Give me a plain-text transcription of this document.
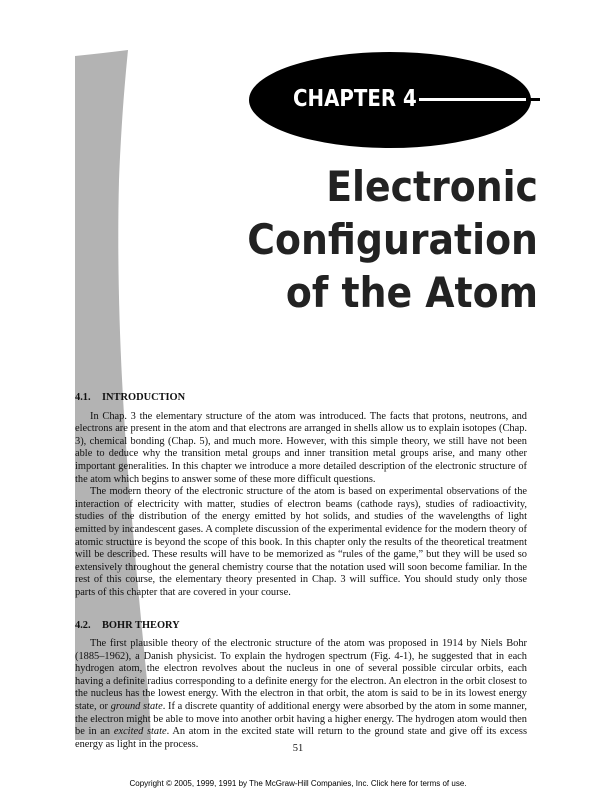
CHAPTER 4
Electronic
Configuration
of the Atom
4.1. INTRODUCTION

In Chap. 3 the elementary structure of the atom was introduced. The facts that protons, neutrons, and electrons are present in the atom and that electrons are arranged in shells allow us to explain isotopes (Chap. 3), chemical bonding (Chap. 5), and much more. However, with this simple theory, we still have not been able to deduce why the transition metal groups and inner transition metal groups arise, and many other important generalities. In this chapter we introduce a more detailed description of the electronic structure of the atom which begins to answer some of these more difficult questions.

The modern theory of the electronic structure of the atom is based on experimental observations of the interaction of electricity with matter, studies of electron beams (cathode rays), studies of radioactivity, studies of the distribution of the energy emitted by hot solids, and studies of the wavelengths of light emitted by incandescent gases. A complete discussion of the experimental evidence for the modern theory of atomic structure is beyond the scope of this book. In this chapter only the results of the theoretical treatment will be described. These results will have to be memorized as “rules of the game,” but they will be used so extensively throughout the general chemistry course that the notation used will soon become familiar. In the rest of this course, the elementary theory presented in Chap. 3 will suffice. You should study only those parts of this chapter that are covered in your course.

4.2. BOHR THEORY

The first plausible theory of the electronic structure of the atom was proposed in 1914 by Niels Bohr (1885–1962), a Danish physicist. To explain the hydrogen spectrum (Fig. 4-1), he suggested that in each hydrogen atom, the electron revolves about the nucleus in one of several possible circular orbits, each having a definite radius corresponding to a definite energy for the electron. An electron in the orbit closest to the nucleus has the lowest energy. With the electron in that orbit, the atom is said to be in its lowest energy state, or ground state. If a discrete quantity of additional energy were absorbed by the atom in some manner, the electron might be able to move into another orbit having a higher energy. The hydrogen atom would then be in an excited state. An atom in the excited state will return to the ground state and give off its excess energy as light in the process.	51
Copyright © 2005, 1999, 1991 by The McGraw-Hill Companies, Inc. Click here for terms of use.
